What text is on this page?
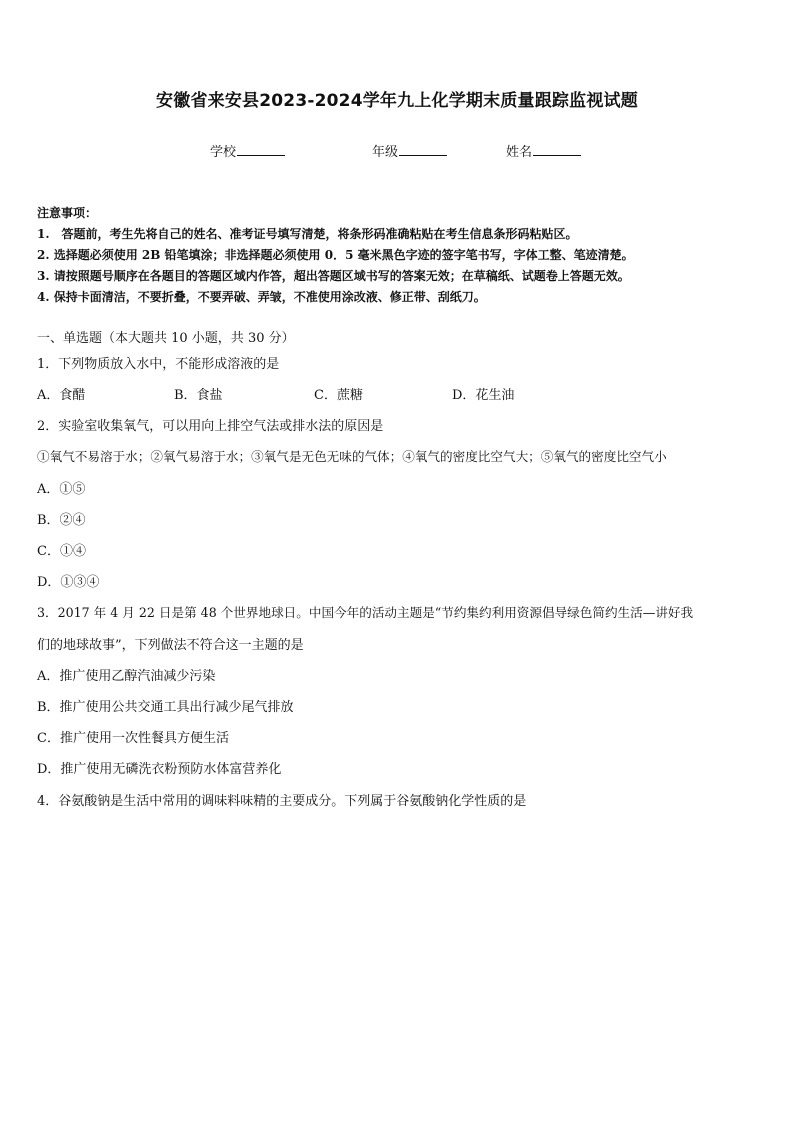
安徽省来安县2023-2024学年九上化学期末质量跟踪监视试题
学校	年级	姓名
注意事项：
1.　答题前，考生先将自己的姓名、准考证号填写清楚，将条形码准确粘贴在考生信息条形码粘贴区。
2. 选择题必须使用 2B 铅笔填涂；非选择题必须使用 0．5 毫米黑色字迹的签字笔书写，字体工整、笔迹清楚。
3. 请按照题号顺序在各题目的答题区域内作答，超出答题区域书写的答案无效；在草稿纸、试题卷上答题无效。
4. 保持卡面清洁，不要折叠，不要弄破、弄皱，不准使用涂改液、修正带、刮纸刀。
一、单选题（本大题共 10 小题，共 30 分）
1．下列物质放入水中，不能形成溶液的是
A．食醋	B．食盐	C．蔗糖	D．花生油
2．实验室收集氧气，可以用向上排空气法或排水法的原因是
①氧气不易溶于水；②氧气易溶于水；③氧气是无色无味的气体；④氧气的密度比空气大；⑤氧气的密度比空气小
A．①⑤
B．②④
C．①④
D．①③④
3．2017 年 4 月 22 日是第 48 个世界地球日。中国今年的活动主题是“节约集约利用资源倡导绿色简约生活—讲好我
们的地球故事”，下列做法不符合这一主题的是
A．推广使用乙醇汽油减少污染
B．推广使用公共交通工具出行减少尾气排放
C．推广使用一次性餐具方便生活
D．推广使用无磷洗衣粉预防水体富营养化
4．谷氨酸钠是生活中常用的调味料味精的主要成分。下列属于谷氨酸钠化学性质的是
